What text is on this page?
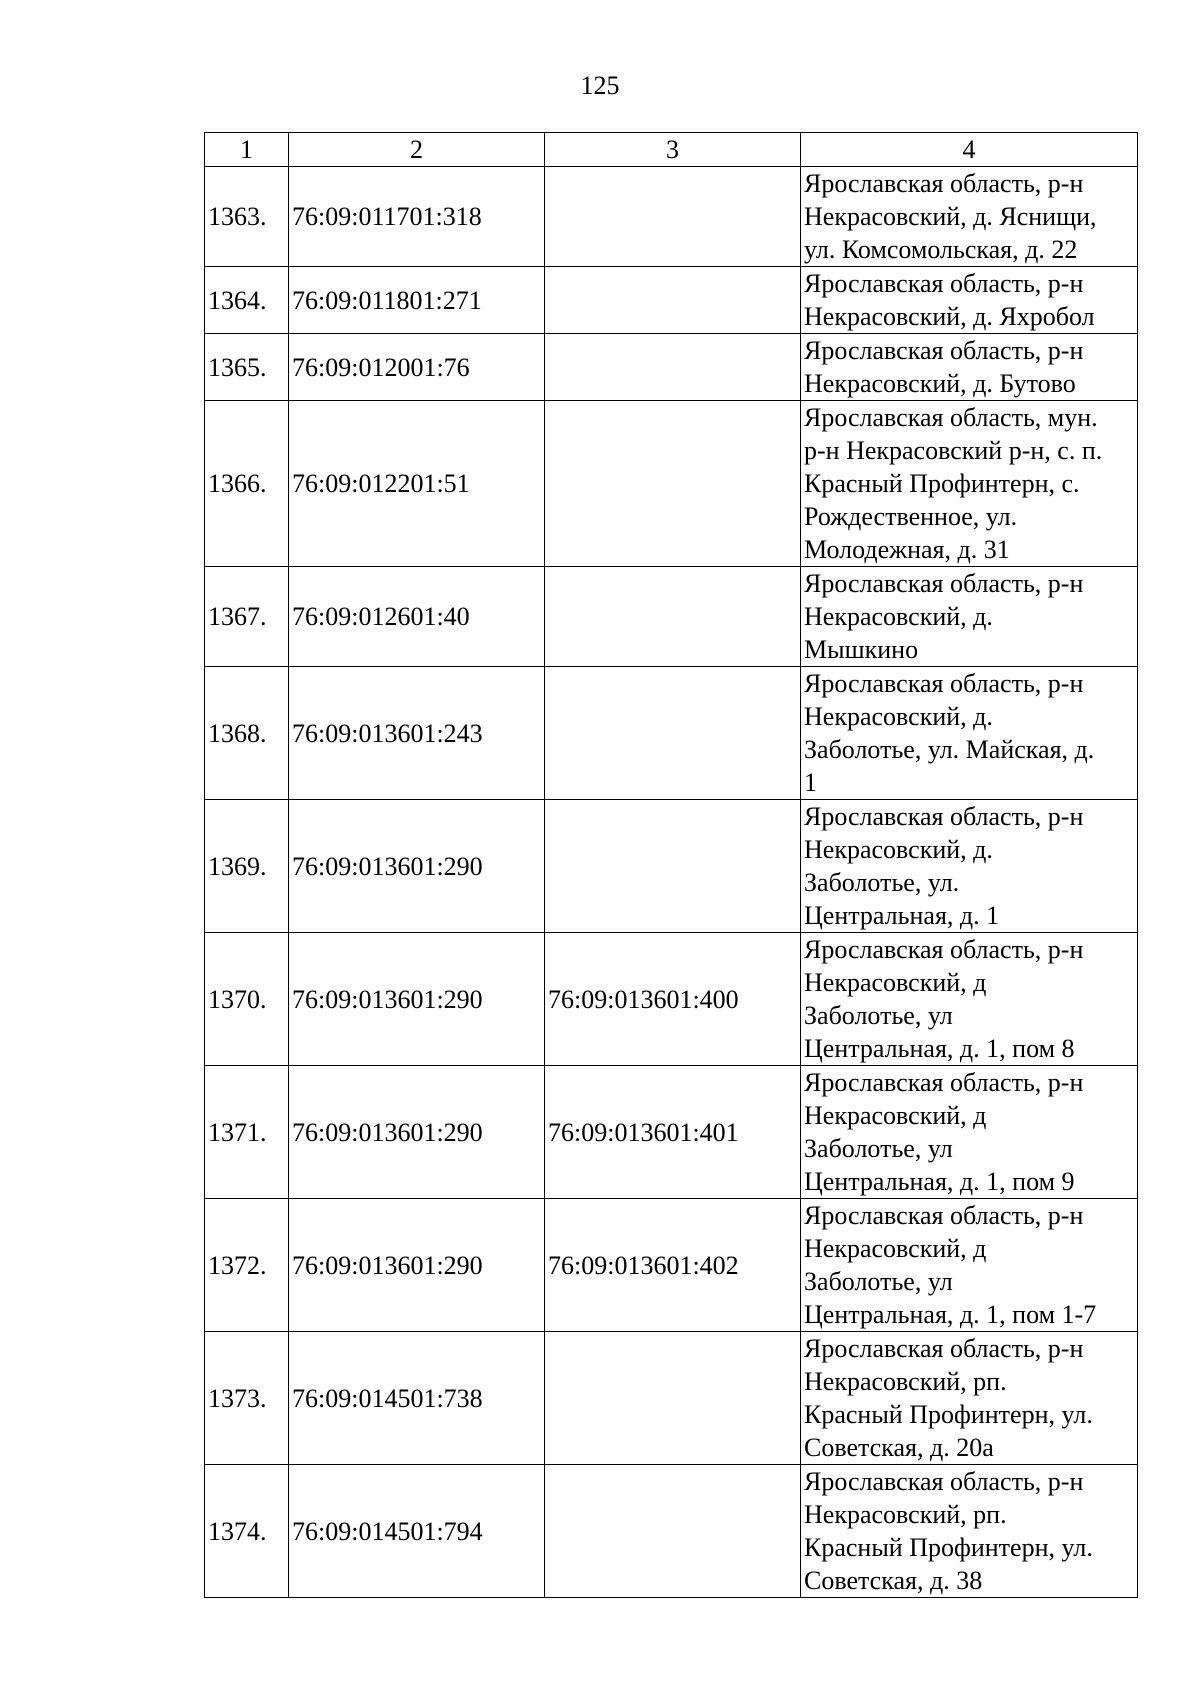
125
1	2	3	4
1363.	76:09:011701:318		Ярославская область, р-н
Некрасовский, д. Яснищи,
ул. Комсомольская, д. 22

1364.	76:09:011801:271		Ярославская область, р-н
Некрасовский, д. Яхробол

1365.	76:09:012001:76		Ярославская область, р-н
Некрасовский, д. Бутово

1366.	76:09:012201:51		Ярославская область, мун.
р-н Некрасовский р-н, с. п.
Красный Профинтерн, с.
Рождественное, ул.
Молодежная, д. 31

1367.	76:09:012601:40		Ярославская область, р-н
Некрасовский, д.
Мышкино

1368.	76:09:013601:243		Ярославская область, р-н
Некрасовский, д.
Заболотье, ул. Майская, д.
1

1369.	76:09:013601:290		Ярославская область, р-н
Некрасовский, д.
Заболотье, ул.
Центральная, д. 1

1370.	76:09:013601:290	76:09:013601:400	Ярославская область, р-н
Некрасовский, д
Заболотье, ул
Центральная, д. 1, пом 8

1371.	76:09:013601:290	76:09:013601:401	Ярославская область, р-н
Некрасовский, д
Заболотье, ул
Центральная, д. 1, пом 9

1372.	76:09:013601:290	76:09:013601:402	Ярославская область, р-н
Некрасовский, д
Заболотье, ул
Центральная, д. 1, пом 1-7

1373.	76:09:014501:738		Ярославская область, р-н
Некрасовский, рп.
Красный Профинтерн, ул.
Советская, д. 20а

1374.	76:09:014501:794		Ярославская область, р-н
Некрасовский, рп.
Красный Профинтерн, ул.
Советская, д. 38
